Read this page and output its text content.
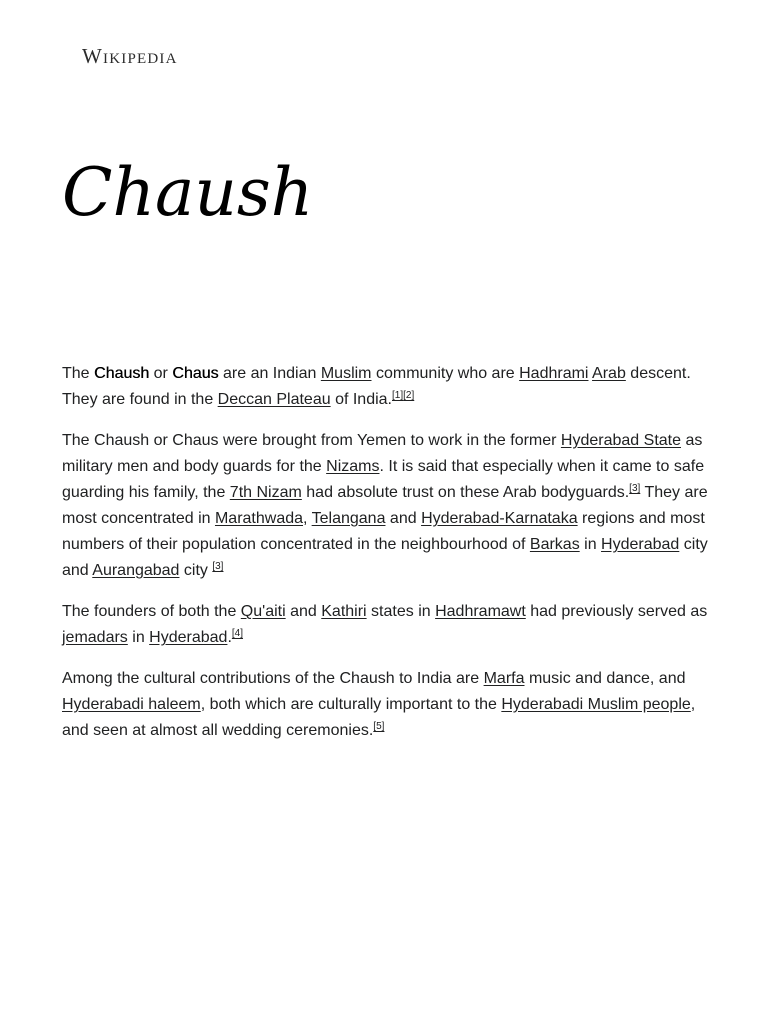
Wikipedia
Chaush

The Chaush or Chaus are an Indian Muslim community who are Hadhrami Arab descent. They are found in the Deccan Plateau of India.[1][2]

The Chaush or Chaus were brought from Yemen to work in the former Hyderabad State as military men and body guards for the Nizams. It is said that especially when it came to safe guarding his family, the 7th Nizam had absolute trust on these Arab bodyguards.[3] They are most concentrated in Marathwada, Telangana and Hyderabad-Karnataka regions and most numbers of their population concentrated in the neighbourhood of Barkas in Hyderabad city and Aurangabad city [3]

The founders of both the Qu'aiti and Kathiri states in Hadhramawt had previously served as jemadars in Hyderabad.[4]

Among the cultural contributions of the Chaush to India are Marfa music and dance, and Hyderabadi haleem, both which are culturally important to the Hyderabadi Muslim people, and seen at almost all wedding ceremonies.[5]
